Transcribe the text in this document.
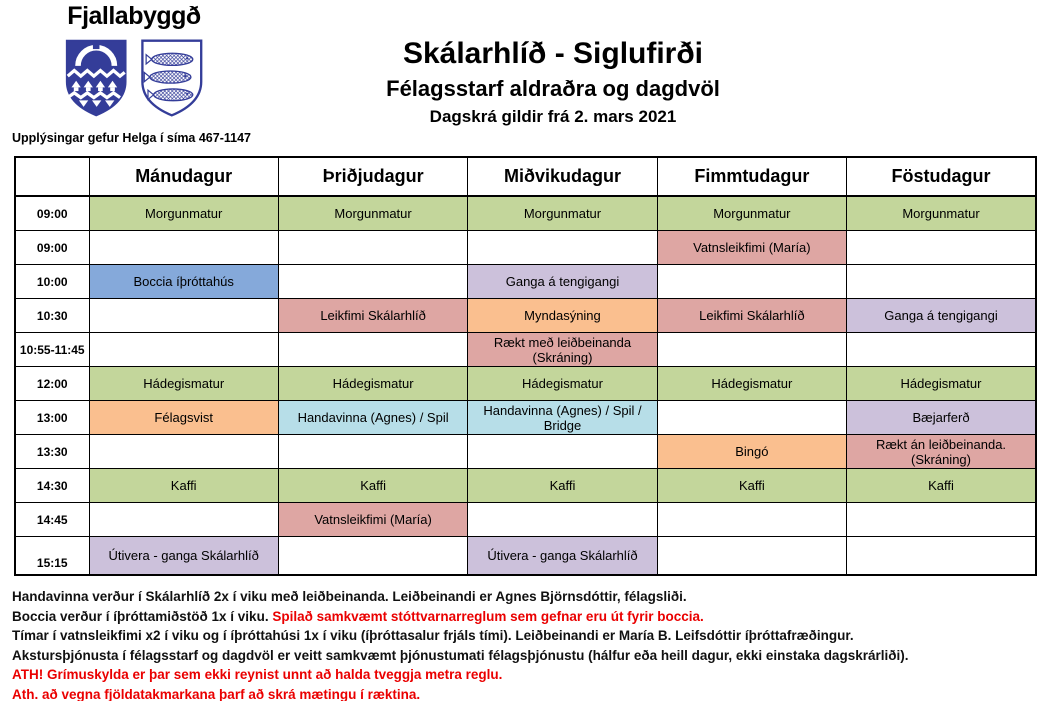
Fjallabyggð
Skálarhlíð - Siglufirði
Félagsstarf aldraðra og dagdvöl
Dagskrá gildir frá 2. mars 2021
Upplýsingar gefur Helga í síma 467-1147
	Mánudagur	Þriðjudagur	Miðvikudagur	Fimmtudagur	Föstudagur
09:00	Morgunmatur	Morgunmatur	Morgunmatur	Morgunmatur	Morgunmatur
09:00				Vatnsleikfimi (María)	
10:00	Boccia íþróttahús		Ganga á tengigangi		
10:30		Leikfimi Skálarhlíð	Myndasýning	Leikfimi Skálarhlíð	Ganga á tengigangi
10:55-11:45			Rækt með leiðbeinanda (Skráning)		
12:00	Hádegismatur	Hádegismatur	Hádegismatur	Hádegismatur	Hádegismatur
13:00	Félagsvist	Handavinna (Agnes) / Spil	Handavinna (Agnes) / Spil / Bridge		Bæjarferð
13:30				Bingó	Rækt án leiðbeinanda. (Skráning)
14:30	Kaffi	Kaffi	Kaffi	Kaffi	Kaffi
14:45		Vatnsleikfimi (María)			
15:15	Útivera - ganga Skálarhlíð		Útivera - ganga Skálarhlíð		
Handavinna verður í Skálarhlíð 2x í viku með leiðbeinanda. Leiðbeinandi er Agnes Björnsdóttir, félagsliði.
Boccia verður í íþróttamiðstöð 1x í viku. Spilað samkvæmt stóttvarnarreglum sem gefnar eru út fyrir boccia.
Tímar í vatnsleikfimi x2 í viku og í íþróttahúsi 1x í viku (íþróttasalur frjáls tími). Leiðbeinandi er María B. Leifsdóttir íþróttafræðingur.
Akstursþjónusta í félagsstarf og dagdvöl er veitt samkvæmt þjónustumati félagsþjónustu (hálfur eða heill dagur, ekki einstaka dagskrárliði).
ATH! Grímuskylda er þar sem ekki reynist unnt að halda tveggja metra reglu.
Ath. að vegna fjöldatakmarkana þarf að skrá mætingu í ræktina.
